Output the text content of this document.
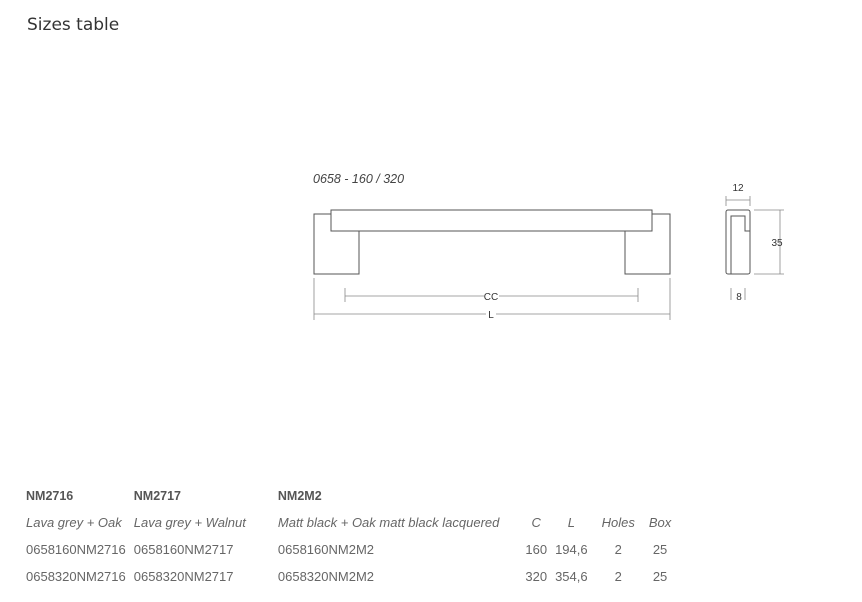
Sizes table
0658 - 160 / 320
CC
L
12
35
8
NM2716	NM2717	NM2M2				
Lava grey + Oak	Lava grey + Walnut	Matt black + Oak matt black lacquered	C	L	Holes	Box
0658160NM2716	0658160NM2717	0658160NM2M2	160	194,6	2	25
0658320NM2716	0658320NM2717	0658320NM2M2	320	354,6	2	25
